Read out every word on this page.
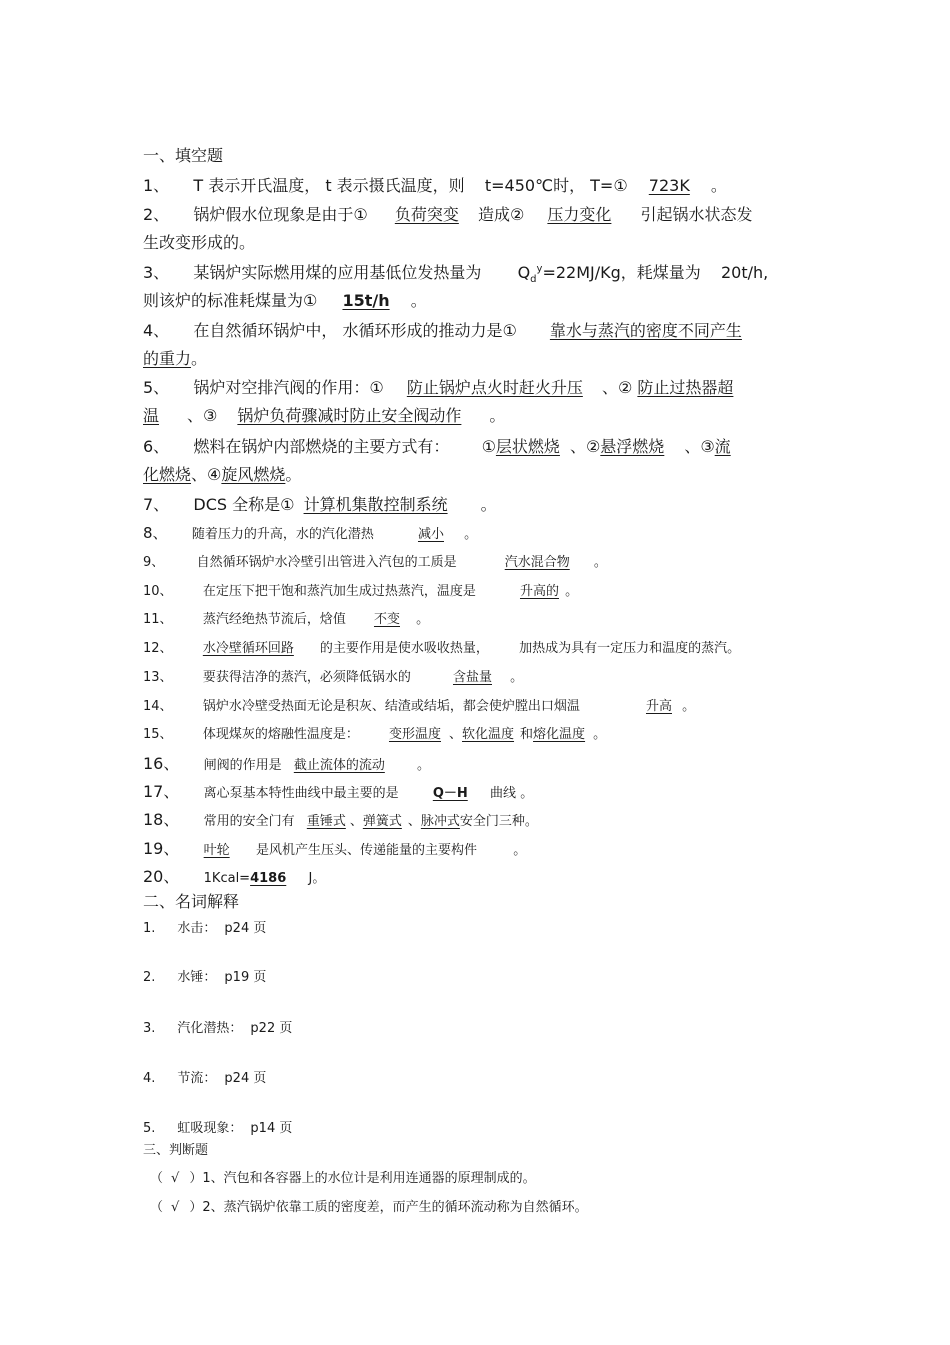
一、填空题
1、 T 表示开氏温度， t 表示摄氏温度，则 t=450℃时， T=① 723K 。
2、 锅炉假水位现象是由于① 负荷突变 造成② 压力变化 引起锅水状态发
生改变形成的。
3、 某锅炉实际燃用煤的应用基低位发热量为 $Q_d^y=22MJ/Kg$，耗煤量为 20t/h,
则该炉的标准耗煤量为① 15t/h 。
4、 在自然循环锅炉中， 水循环形成的推动力是① 靠水与蒸汽的密度不同产生
的重力。
5、 锅炉对空排汽阀的作用：① 防止锅炉点火时赶火升压 、② 防止过热器超
温 、③ 锅炉负荷骤减时防止安全阀动作 。
6、 燃料在锅炉内部燃烧的主要方式有： ①层状燃烧 、②悬浮燃烧 、③流
化燃烧、④旋风燃烧。
7、 DCS 全称是① 计算机集散控制系统 。
8、 随着压力的升高，水的汽化潜热	减小 。
9、 自然循环锅炉水冷壁引出管进入汽包的工质是	汽水混合物 。
10、 在定压下把干饱和蒸汽加生成过热蒸汽，温度是	升高的 。
11、 蒸汽经绝热节流后，焓值 不变 。
12、 水冷壁循环回路 的主要作用是使水吸收热量， 加热成为具有一定压力和温度的蒸汽。
13、 要获得洁净的蒸汽，必须降低锅水的	含盐量 。
14、 锅炉水冷壁受热面无论是积灰、结渣或结垢，都会使炉膛出口烟温	升高 。
15、 体现煤灰的熔融性温度是： 变形温度 、软化温度 和熔化温度 。
16、 闸阀的作用是 截止流体的流动 。
17、 离心泵基本特性曲线中最主要的是	Q－H 曲线 。
18、 常用的安全门有 重锤式 、弹簧式 、脉冲式安全门三种。
19、 叶轮 是风机产生压头、传递能量的主要构件	。
20、 1Kcal=4186 J。
二、名词解释
1. 水击： p24 页
2. 水锤： p19 页
3. 汽化潜热： p22 页
4. 节流： p24 页
5. 虹吸现象： p14 页
三、判断题
（ √ ）1、汽包和各容器上的水位计是利用连通器的原理制成的。
（ √ ）2、蒸汽锅炉依靠工质的密度差，而产生的循环流动称为自然循环。
